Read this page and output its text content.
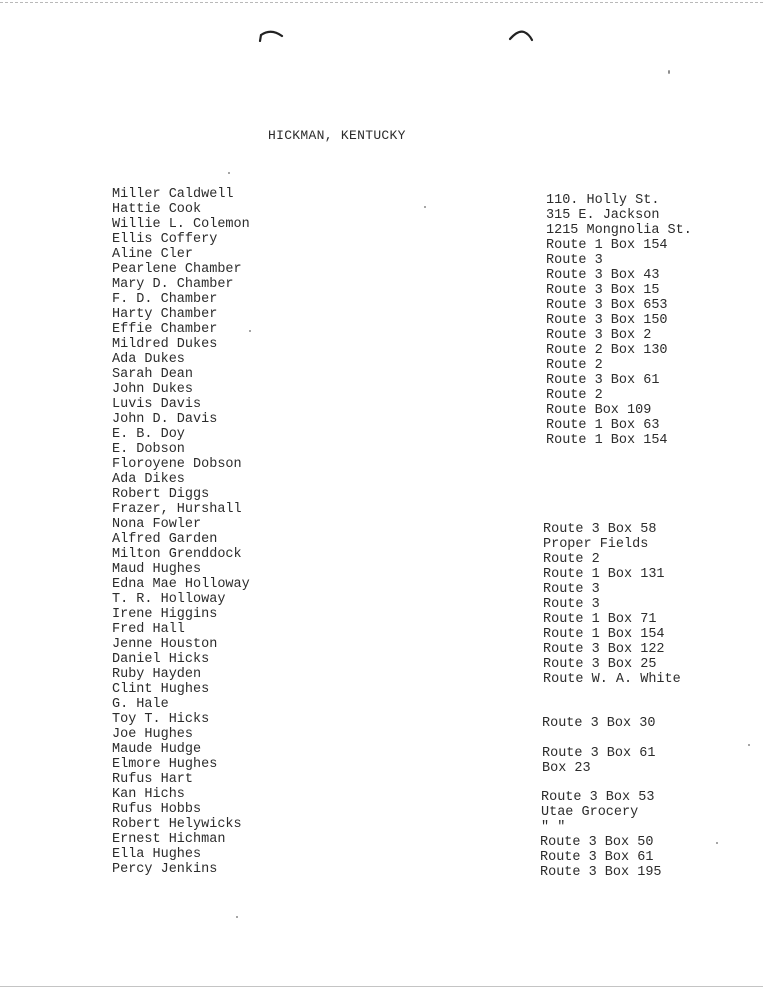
HICKMAN, KENTUCKY
Miller Caldwell
Hattie Cook
Willie L. Colemon
Ellis Coffery
Aline Cler
Pearlene Chamber
Mary D. Chamber
F. D. Chamber
Harty Chamber
Effie Chamber
Mildred Dukes
Ada Dukes
Sarah Dean
John Dukes
Luvis Davis
John D. Davis
E. B. Doy
E. Dobson
Floroyene Dobson
Ada Dikes
Robert Diggs
Frazer, Hurshall
Nona Fowler
Alfred Garden
Milton Grenddock
Maud Hughes
Edna Mae Holloway
T. R. Holloway
Irene Higgins
Fred Hall
Jenne Houston
Daniel Hicks
Ruby Hayden
Clint Hughes
G. Hale
Toy T. Hicks
Joe Hughes
Maude Hudge
Elmore Hughes
Rufus Hart
Kan Hichs
Rufus Hobbs
Robert Helywicks
Ernest Hichman
Ella Hughes
Percy Jenkins
110. Holly St.
315 E. Jackson
1215 Mongnolia St.
Route 1 Box 154
Route 3
Route 3 Box 43
Route 3 Box 15
Route 3 Box 653
Route 3 Box 150
Route 3 Box 2
Route 2 Box 130
Route 2
Route 3 Box 61
Route 2
Route Box 109
Route 1 Box 63
Route 1 Box 154
Route 3 Box 58
Proper Fields
Route 2
Route 1 Box 131
Route 3
Route 3
Route 1 Box 71
Route 1 Box 154
Route 3 Box 122
Route 3 Box 25
Route W. A. White
Route 3 Box 30
Route 3 Box 61
Box 23
Route 3 Box 53
Utae Grocery
" "
Route 3 Box 50
Route 3 Box 61
Route 3 Box 195
